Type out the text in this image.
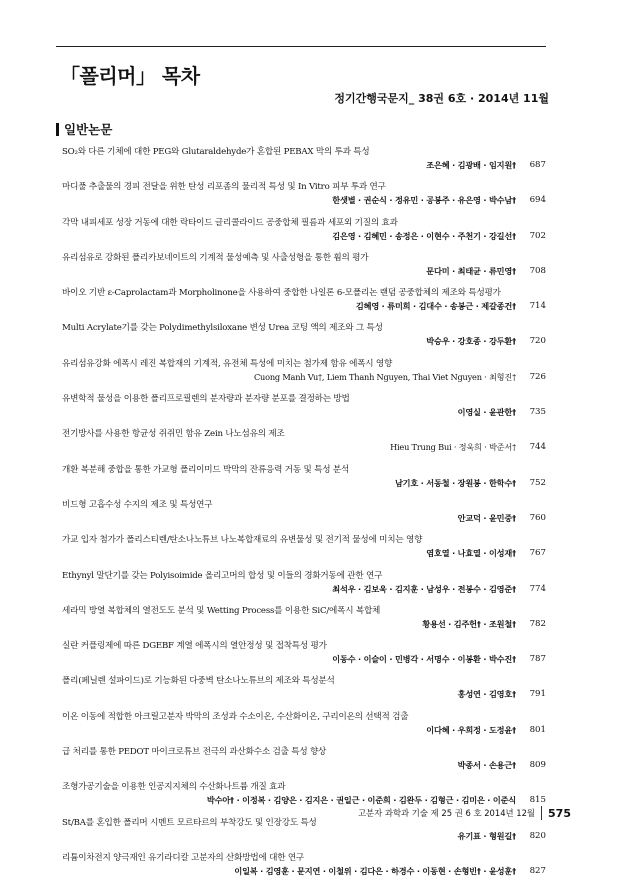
「폴리머」 목차
정기간행국문지_ 38권 6호 · 2014년 11월
일반논문
SO₂와 다른 기체에 대한 PEG와 Glutaraldehyde가 혼합된 PEBAX 막의 투과 특성
조은혜 · 김광배 · 임지원†	687
마디풀 추출물의 경피 전달을 위한 탄성 리포좀의 물리적 특성 및 In Vitro 피부 투과 연구
한샛별 · 권순식 · 정유민 · 공봉주 · 유은영 · 박수남†	694
각막 내피세포 성장 거동에 대한 락타이드 글리콜라이드 공중합체 필름과 세포외 기질의 효과
김은영 · 김혜민 · 송정은 · 이현수 · 주천기 · 강길선†	702
유리섬유로 강화된 폴리카보네이트의 기계적 물성예측 및 사출성형을 통한 휨의 평가
문다미 · 최태균 · 류민영†	708
바이오 기반 ε-Caprolactam과 Morpholinone을 사용하여 중합한 나일론 6-모폴리논 랜덤 공중합체의 제조와 특성평가
김혜영 · 류미희 · 김대수 · 송봉근 · 제갈종건†	714
Multi Acrylate기를 갖는 Polydimethylsiloxane 변성 Urea 코팅 액의 제조와 그 특성
박승우 · 강호종 · 강두환†	720
유리섬유강화 에폭시 레진 복합재의 기계적, 유전체 특성에 미치는 첨가제 함유 에폭시 영향
Cuong Manh Vu†, Liem Thanh Nguyen, Thai Viet Nguyen · 최형진†	726
유변학적 물성을 이용한 폴리프로필렌의 분자량과 분자량 분포를 결정하는 방법
이영실 · 윤관한†	735
전기방사를 사용한 항균성 쥐쥐민 함유 Zein 나노섬유의 제조
Hieu Trung Bui · 정욱희 · 박준서†	744
개환 복분해 중합을 통한 가교형 폴리이미드 박막의 잔류응력 거동 및 특성 분석
남기호 · 서동철 · 장원봉 · 한학수†	752
비드형 고흡수성 수지의 제조 및 특성연구
안교덕 · 윤민중†	760
가교 입자 첨가가 폴리스티렌/탄소나노튜브 나노복합재료의 유변물성 및 전기적 물성에 미치는 영향
염호열 · 나효열 · 이성재†	767
Ethynyl 말단기를 갖는 Polyisoimide 올리고머의 합성 및 이들의 경화거동에 관한 연구
최석우 · 김보욱 · 김지훈 · 남성우 · 전봉수 · 김영준†	774
세라믹 방열 복합체의 열전도도 분석 및 Wetting Process를 이용한 SiC/에폭시 복합체
황용선 · 김주헌† · 조원철†	782
실란 커플링제에 따른 DGEBF 계열 에폭시의 열안정성 및 접착특성 평가
이동수 · 이슬이 · 민병각 · 서명수 · 이봉환 · 박수진†	787
폴리(페닐렌 설파이드)로 기능화된 다중벽 탄소나노튜브의 제조와 특성분석
홍성연 · 김영호†	791
이온 이동에 적합한 아크릴고분자 박막의 조성과 수소이온, 수산화이온, 구리이온의 선택적 검출
이다혜 · 우희정 · 도정윤†	801
급 처리를 통한 PEDOT 마이크로튜브 전극의 과산화수소 검출 특성 향상
박종서 · 손용근†	809
조형가공기술을 이용한 인공지지체의 수산화나트륨 개질 효과
박수아† · 이정복 · 김양은 · 김지은 · 권일근 · 이준희 · 김완두 · 김형근 · 김미은 · 이준식	815
St/BA를 혼입한 폴리머 시멘트 모르타르의 부착강도 및 인장강도 특성
유기표 · 형원길†	820
리튬이차전지 양극재인 유기라디칼 고분자의 산화방법에 대한 연구
이일복 · 김영훈 · 문지연 · 이철위 · 김다은 · 하경수 · 이동현 · 손형빈† · 윤성훈†	827
고분자 과학과 기술 제 25 권 6 호 2014년 12월 575
